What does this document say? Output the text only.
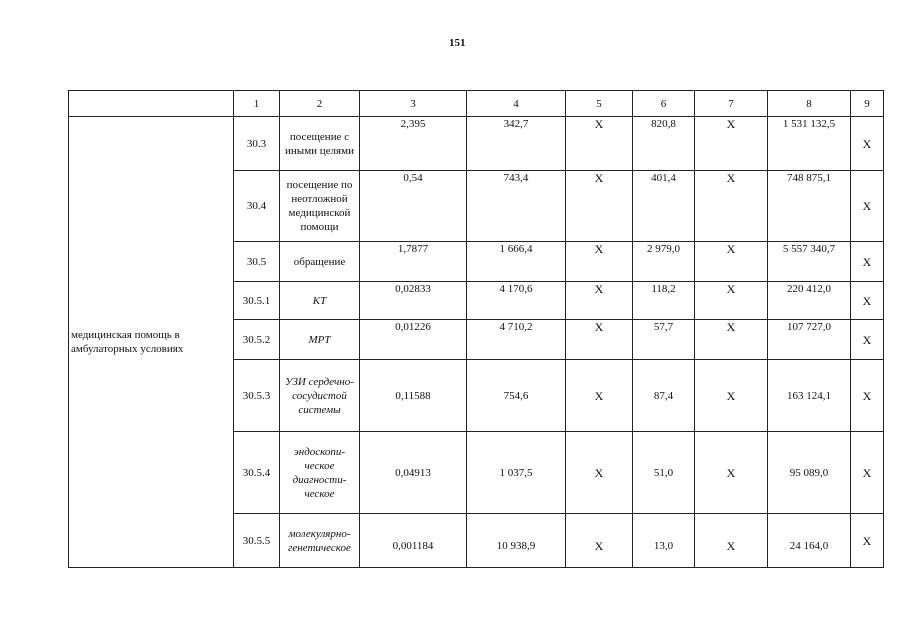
151
	1	2	3	4	5	6	7	8	9
медицинская помощь в амбулаторных условиях	30.3	посещение с иными целями	2,395	342,7	X	820,8	X	1 531 132,5	X
	30.4	посещение по неотложной медицинской помощи	0,54	743,4	X	401,4	X	748 875,1	X
	30.5	обращение	1,7877	1 666,4	X	2 979,0	X	5 557 340,7	X
	30.5.1	КТ	0,02833	4 170,6	X	118,2	X	220 412,0	X
	30.5.2	МРТ	0,01226	4 710,2	X	57,7	X	107 727,0	X
	30.5.3	УЗИ сердечно-сосудистой системы	0,11588	754,6	X	87,4	X	163 124,1	X
	30.5.4	эндоскопи-ческое диагности-ческое	0,04913	1 037,5	X	51,0	X	95 089,0	X
	30.5.5	молекулярно-генетическое	0,001184	10 938,9	X	13,0	X	24 164,0	X
